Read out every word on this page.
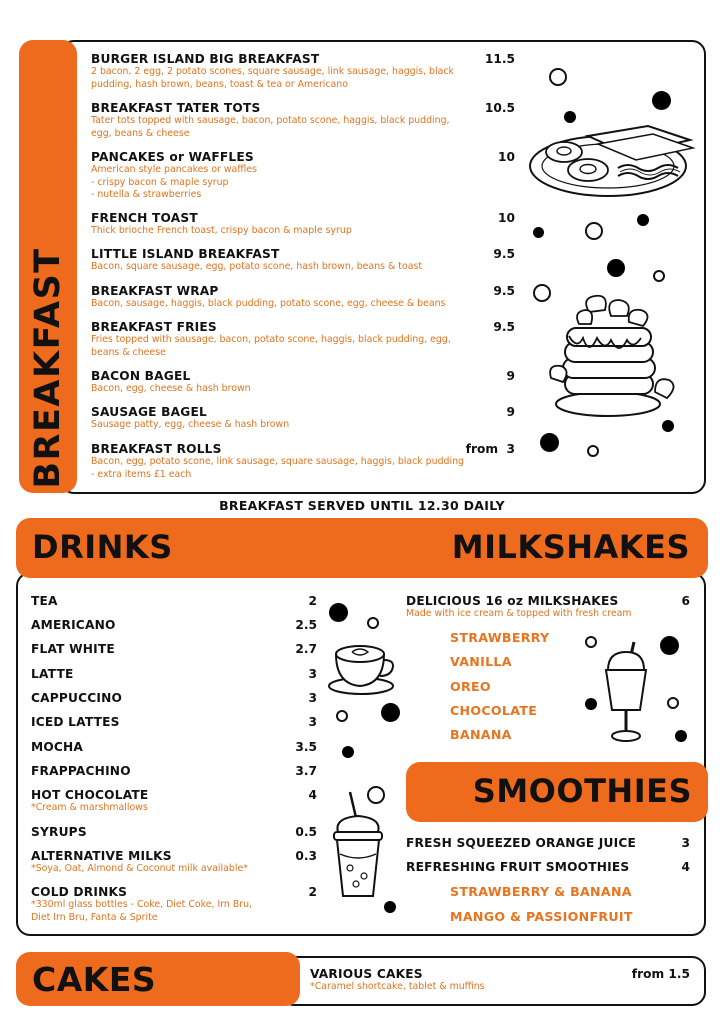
BREAKFAST
BURGER ISLAND BIG BREAKFAST	11.5
2 bacon, 2 egg, 2 potato scones, square sausage, link sausage, haggis, black
pudding, hash brown, beans, toast & tea or Americano
BREAKFAST TATER TOTS	10.5
Tater tots topped with sausage, bacon, potato scone, haggis, black pudding,
egg, beans & cheese
PANCAKES or WAFFLES	10
American style pancakes or waffles
- crispy bacon & maple syrup
- nutella & strawberries
FRENCH TOAST	10
Thick brioche French toast, crispy bacon & maple syrup
LITTLE ISLAND BREAKFAST	9.5
Bacon, square sausage, egg, potato scone, hash brown, beans & toast
BREAKFAST WRAP	9.5
Bacon, sausage, haggis, black pudding, potato scone, egg, cheese & beans
BREAKFAST FRIES	9.5
Fries topped with sausage, bacon, potato scone, haggis, black pudding, egg,
beans & cheese
BACON BAGEL	9
Bacon, egg, cheese & hash brown
SAUSAGE BAGEL	9
Sausage patty, egg, cheese & hash brown
BREAKFAST ROLLS	from  3
Bacon, egg, potato scone, link sausage, square sausage, haggis, black pudding
- extra items £1 each
BREAKFAST SERVED UNTIL 12.30 DAILY
DRINKS	MILKSHAKES
TEA	2
AMERICANO	2.5
FLAT WHITE	2.7
LATTE	3
CAPPUCCINO	3
ICED LATTES	3
MOCHA	3.5
FRAPPACHINO	3.7
HOT CHOCOLATE	4
*Cream & marshmallows
SYRUPS	0.5
ALTERNATIVE MILKS	0.3
*Soya, Oat, Almond & Coconut milk available*
COLD DRINKS	2
*330ml glass bottles - Coke, Diet Coke, Irn Bru,
Diet Irn Bru, Fanta & Sprite
DELICIOUS 16 oz MILKSHAKES	6
Made with ice cream & topped with fresh cream
STRAWBERRY
VANILLA
OREO
CHOCOLATE
BANANA
SMOOTHIES
FRESH SQUEEZED ORANGE JUICE	3
REFRESHING FRUIT SMOOTHIES	4
STRAWBERRY & BANANA
MANGO & PASSIONFRUIT
CAKES	VARIOUS CAKES	from 1.5
*Caramel shortcake, tablet & muffins
